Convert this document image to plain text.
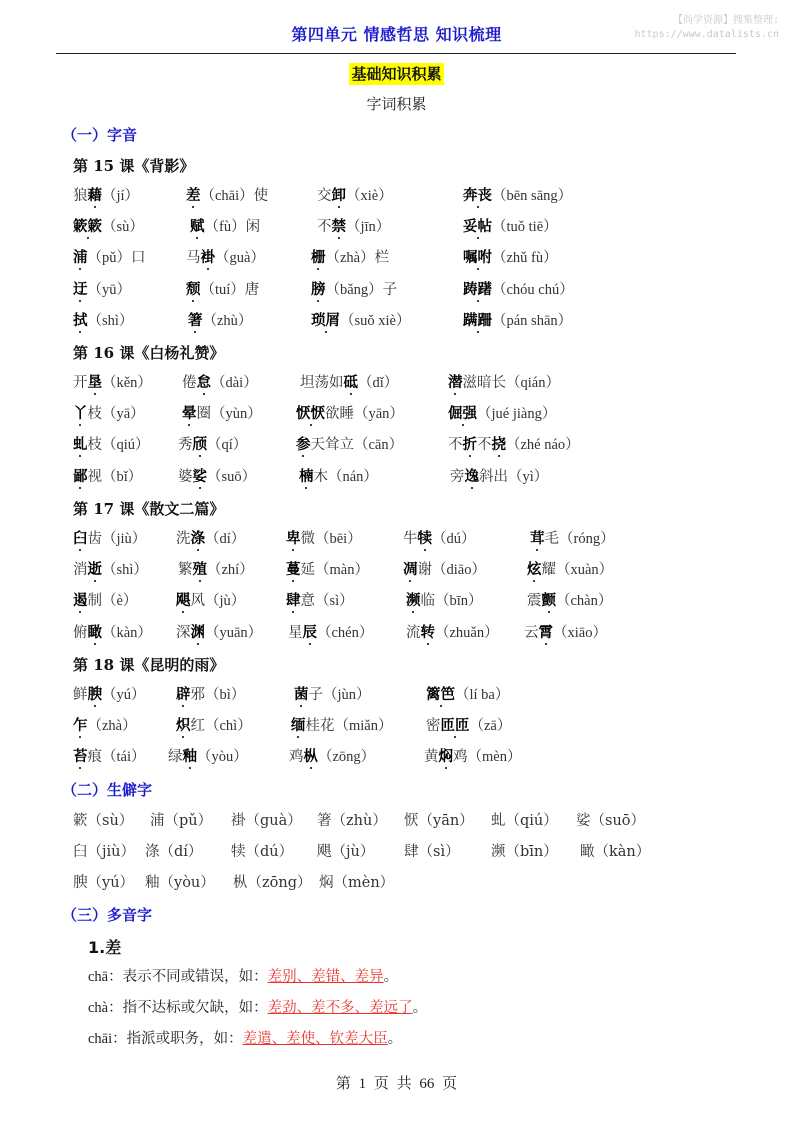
第四单元 情感哲思 知识梳理
【尚学资源】搜集整理:
https://www.datalists.cn
基础知识积累
字词积累
（一）字音
第 15 课《背影》
狼藉（jí）	差（chāi）使	交卸（xiè）	奔丧（bēn sāng）
簌簌（sù）	赋（fù）闲	不禁（jīn）	妥帖（tuǒ tiē）
浦（pǔ）口	马褂（guà）	栅（zhà）栏	嘱咐（zhǔ fù）
迂（yū）	颓（tuí）唐	膀（bǎng）子	踌躇（chóu chú）
拭（shì）	箸（zhù）	琐屑（suǒ xiè）	蹒跚（pán shān）
第 16 课《白杨礼赞》
开垦（kěn） 倦怠（dài）	坦荡如砥（dǐ）	潜滋暗长（qián）
丫枝（yā）	晕圈（yùn） 恹恹欲睡（yān）	倔强（jué jiàng）
虬枝（qiú） 秀颀（qí）	参天耸立（cān）	不折不挠（zhé náo）
鄙视（bǐ） 婆娑（suō）	楠木（nán）	旁逸斜出（yì）
第 17 课《散文二篇》
臼齿（jiù） 洗涤（dí）	卑微（bēi）	牛犊（dú）	茸毛（róng）
消逝（shì） 繁殖（zhí） 蔓延（màn） 凋谢（diāo）	炫耀（xuàn）
遏制（è）	飓风（jù）	肆意（sì）	濒临（bīn）	震颤（chàn）
俯瞰（kàn） 深渊（yuān） 星辰（chén） 流转（zhuǎn） 云霄（xiāo）
第 18 课《昆明的雨》
鲜腴（yú） 辟邪（bì）	菌子（jùn）	篱笆（lí ba）
乍（zhà）	炽红（chì）	缅桂花（miǎn） 密匝匝（zā）
苔痕（tái） 绿釉（yòu）	鸡枞（zōng）	黄焖鸡（mèn）
（二）生僻字
簌（sù） 浦（pǔ） 褂（guà） 箸（zhù） 恹（yān） 虬（qiú） 娑（suō）
臼（jiù） 涤（dí） 犊（dú） 飓（jù） 肆（sì） 濒（bīn） 瞰（kàn）
腴（yú） 釉（yòu） 枞（zōng） 焖（mèn）
（三）多音字
1.差
chā：表示不同或错误，如：差别、差错、差异。
chà：指不达标或欠缺，如：差劲、差不多、差远了。
chāi：指派或职务，如：差遣、差使、钦差大臣。
第 1 页 共 66 页
